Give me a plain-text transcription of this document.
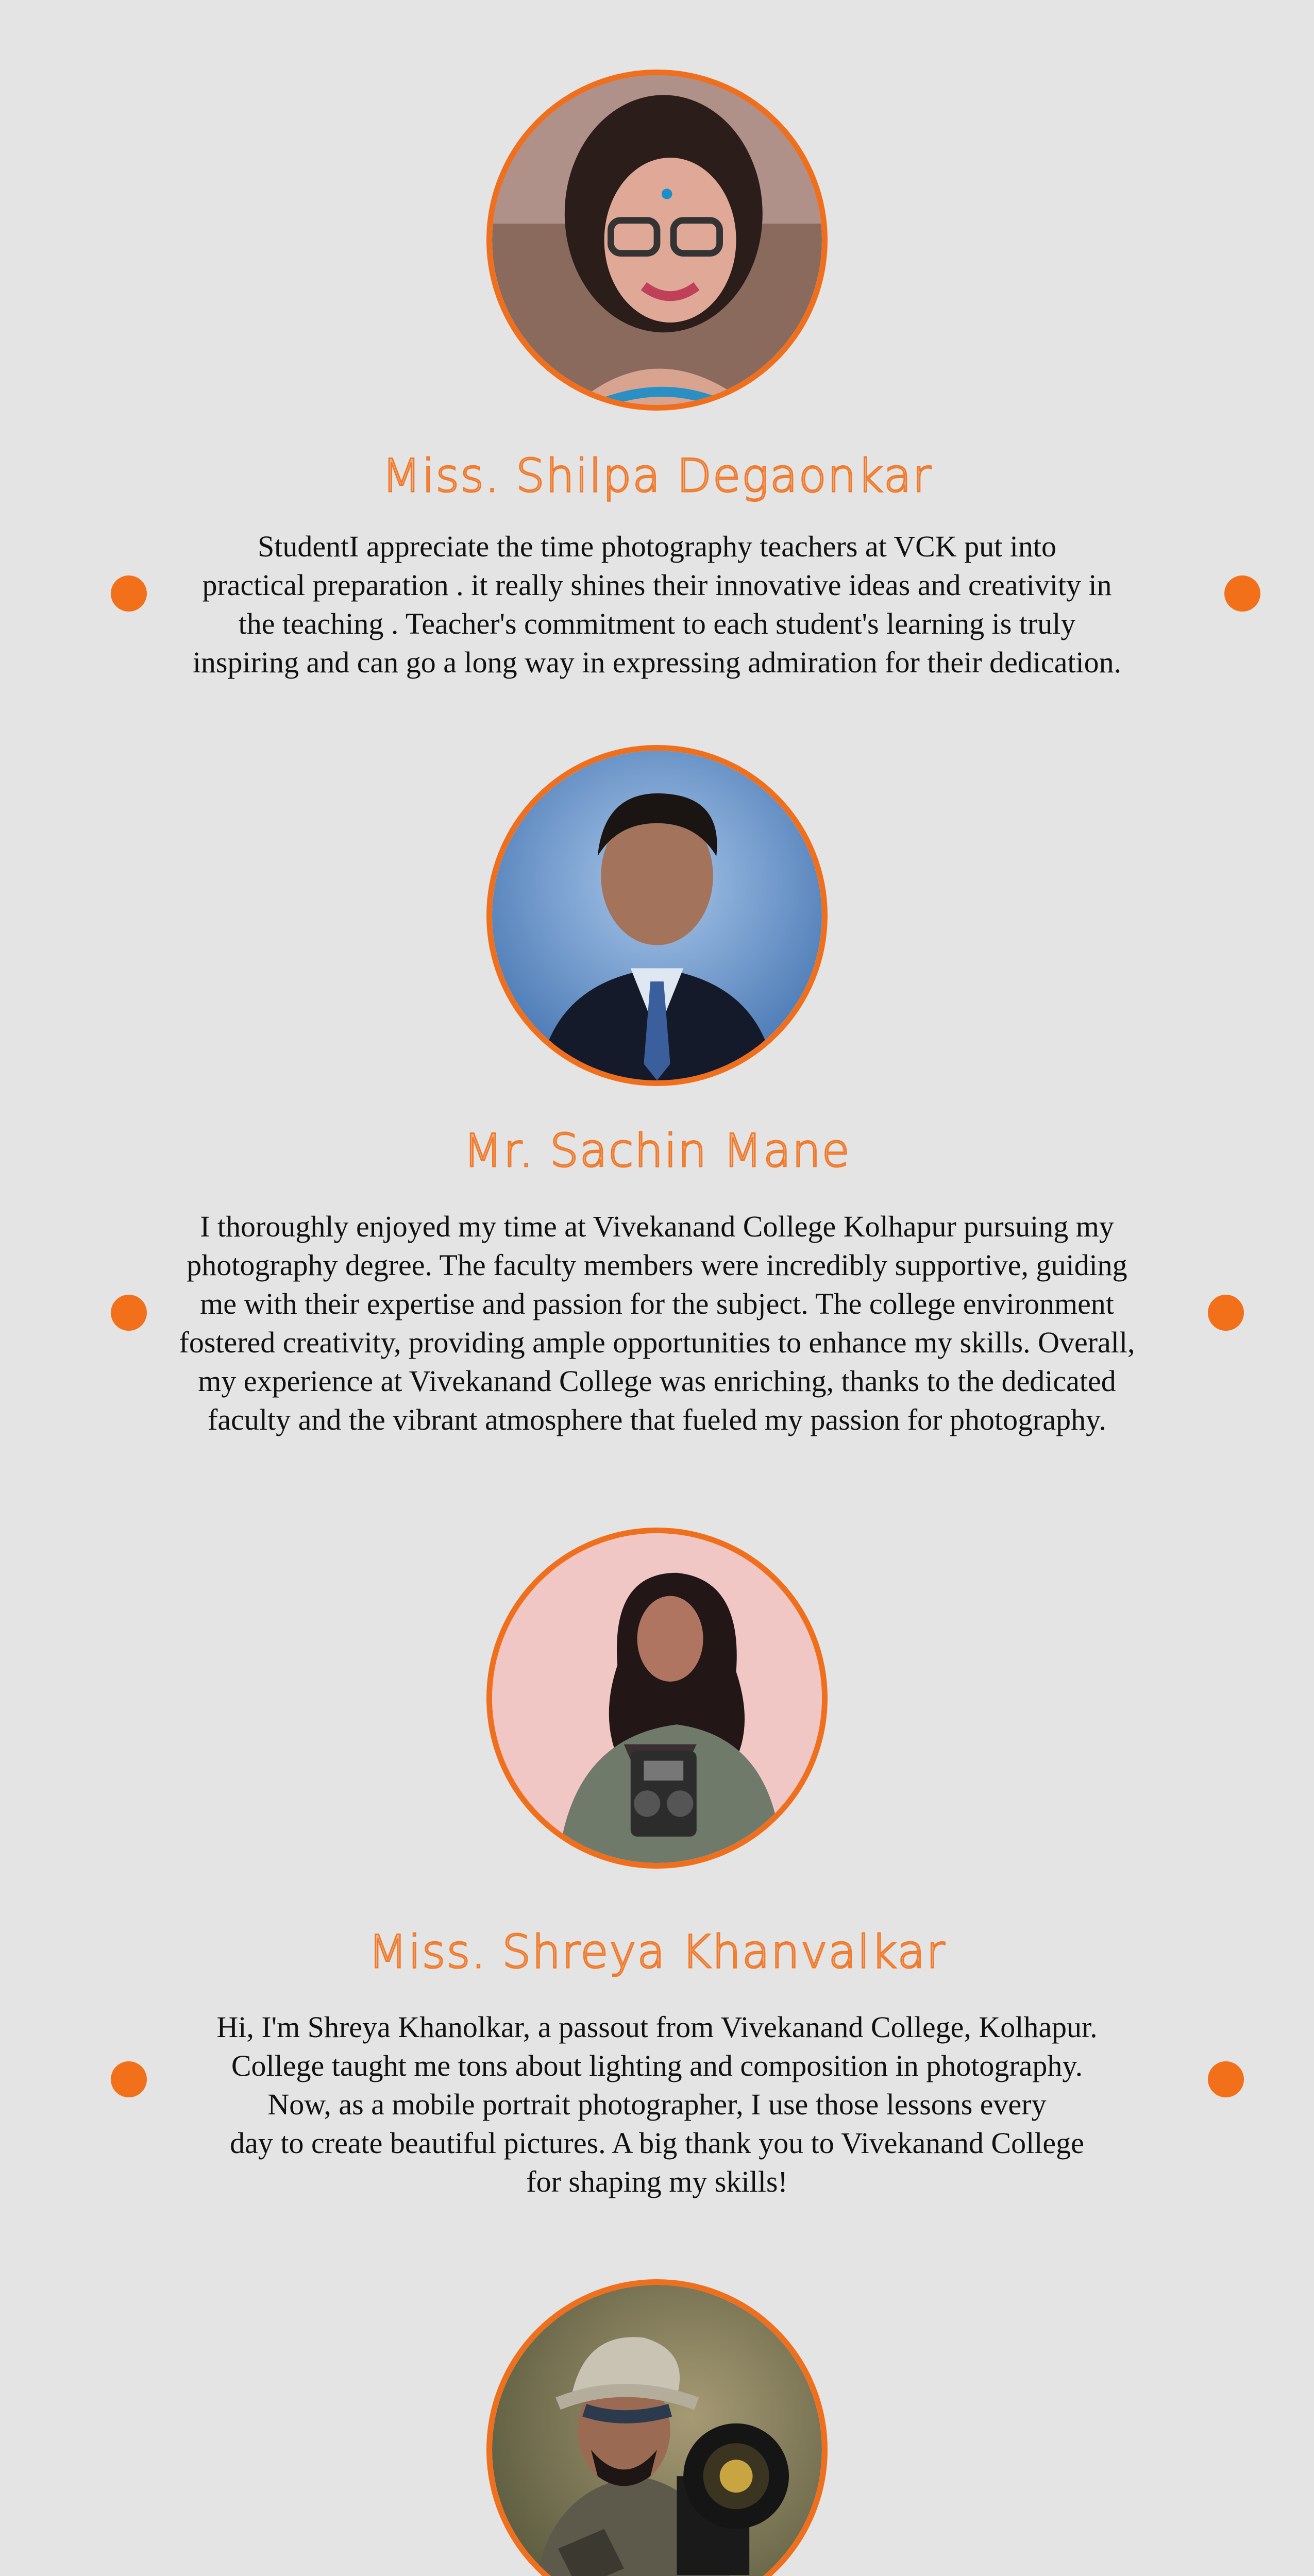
Miss. Shilpa Degaonkar
StudentI appreciate the time photography teachers at VCK put into
practical preparation . it really shines their innovative ideas and creativity in
the teaching . Teacher's commitment to each student's learning is truly
inspiring and can go a long way in expressing admiration for their dedication.
Mr. Sachin Mane
I thoroughly enjoyed my time at Vivekanand College Kolhapur pursuing my
photography degree. The faculty members were incredibly supportive, guiding
me with their expertise and passion for the subject. The college environment
fostered creativity, providing ample opportunities to enhance my skills. Overall,
my experience at Vivekanand College was enriching, thanks to the dedicated
faculty and the vibrant atmosphere that fueled my passion for photography.
Miss. Shreya Khanvalkar
Hi, I'm Shreya Khanolkar, a passout from Vivekanand College, Kolhapur.
College taught me tons about lighting and composition in photography.
Now, as a mobile portrait photographer, I use those lessons every
day to create beautiful pictures. A big thank you to Vivekanand College
for shaping my skills!
